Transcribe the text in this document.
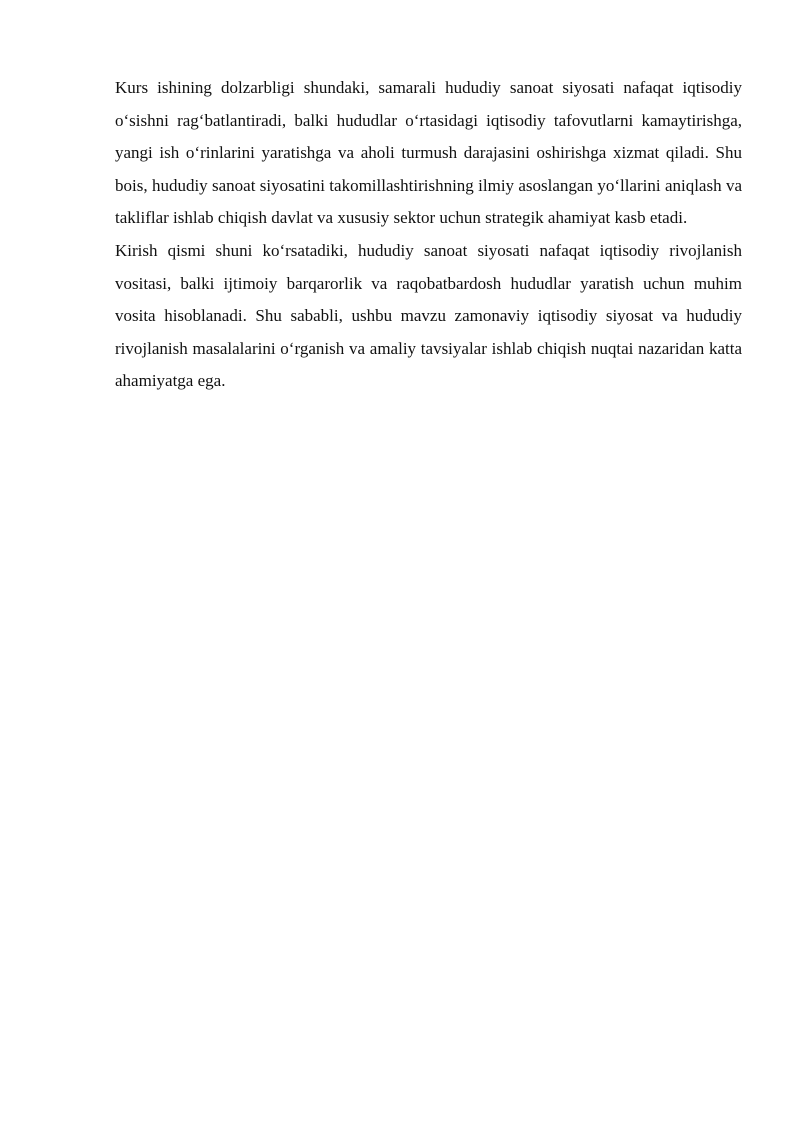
Kurs ishining dolzarbligi shundaki, samarali hududiy sanoat siyosati nafaqat iqtisodiy o‘sishni rag‘batlantiradi, balki hududlar o‘rtasidagi iqtisodiy tafovutlarni kamaytirishga, yangi ish o‘rinlarini yaratishga va aholi turmush darajasini oshirishga xizmat qiladi. Shu bois, hududiy sanoat siyosatini takomillashtirishning ilmiy asoslangan yo‘llarini aniqlash va takliflar ishlab chiqish davlat va xususiy sektor uchun strategik ahamiyat kasb etadi.

Kirish qismi shuni ko‘rsatadiki, hududiy sanoat siyosati nafaqat iqtisodiy rivojlanish vositasi, balki ijtimoiy barqarorlik va raqobatbardosh hududlar yaratish uchun muhim vosita hisoblanadi. Shu sababli, ushbu mavzu zamonaviy iqtisodiy siyosat va hududiy rivojlanish masalalarini o‘rganish va amaliy tavsiyalar ishlab chiqish nuqtai nazaridan katta ahamiyatga ega.
